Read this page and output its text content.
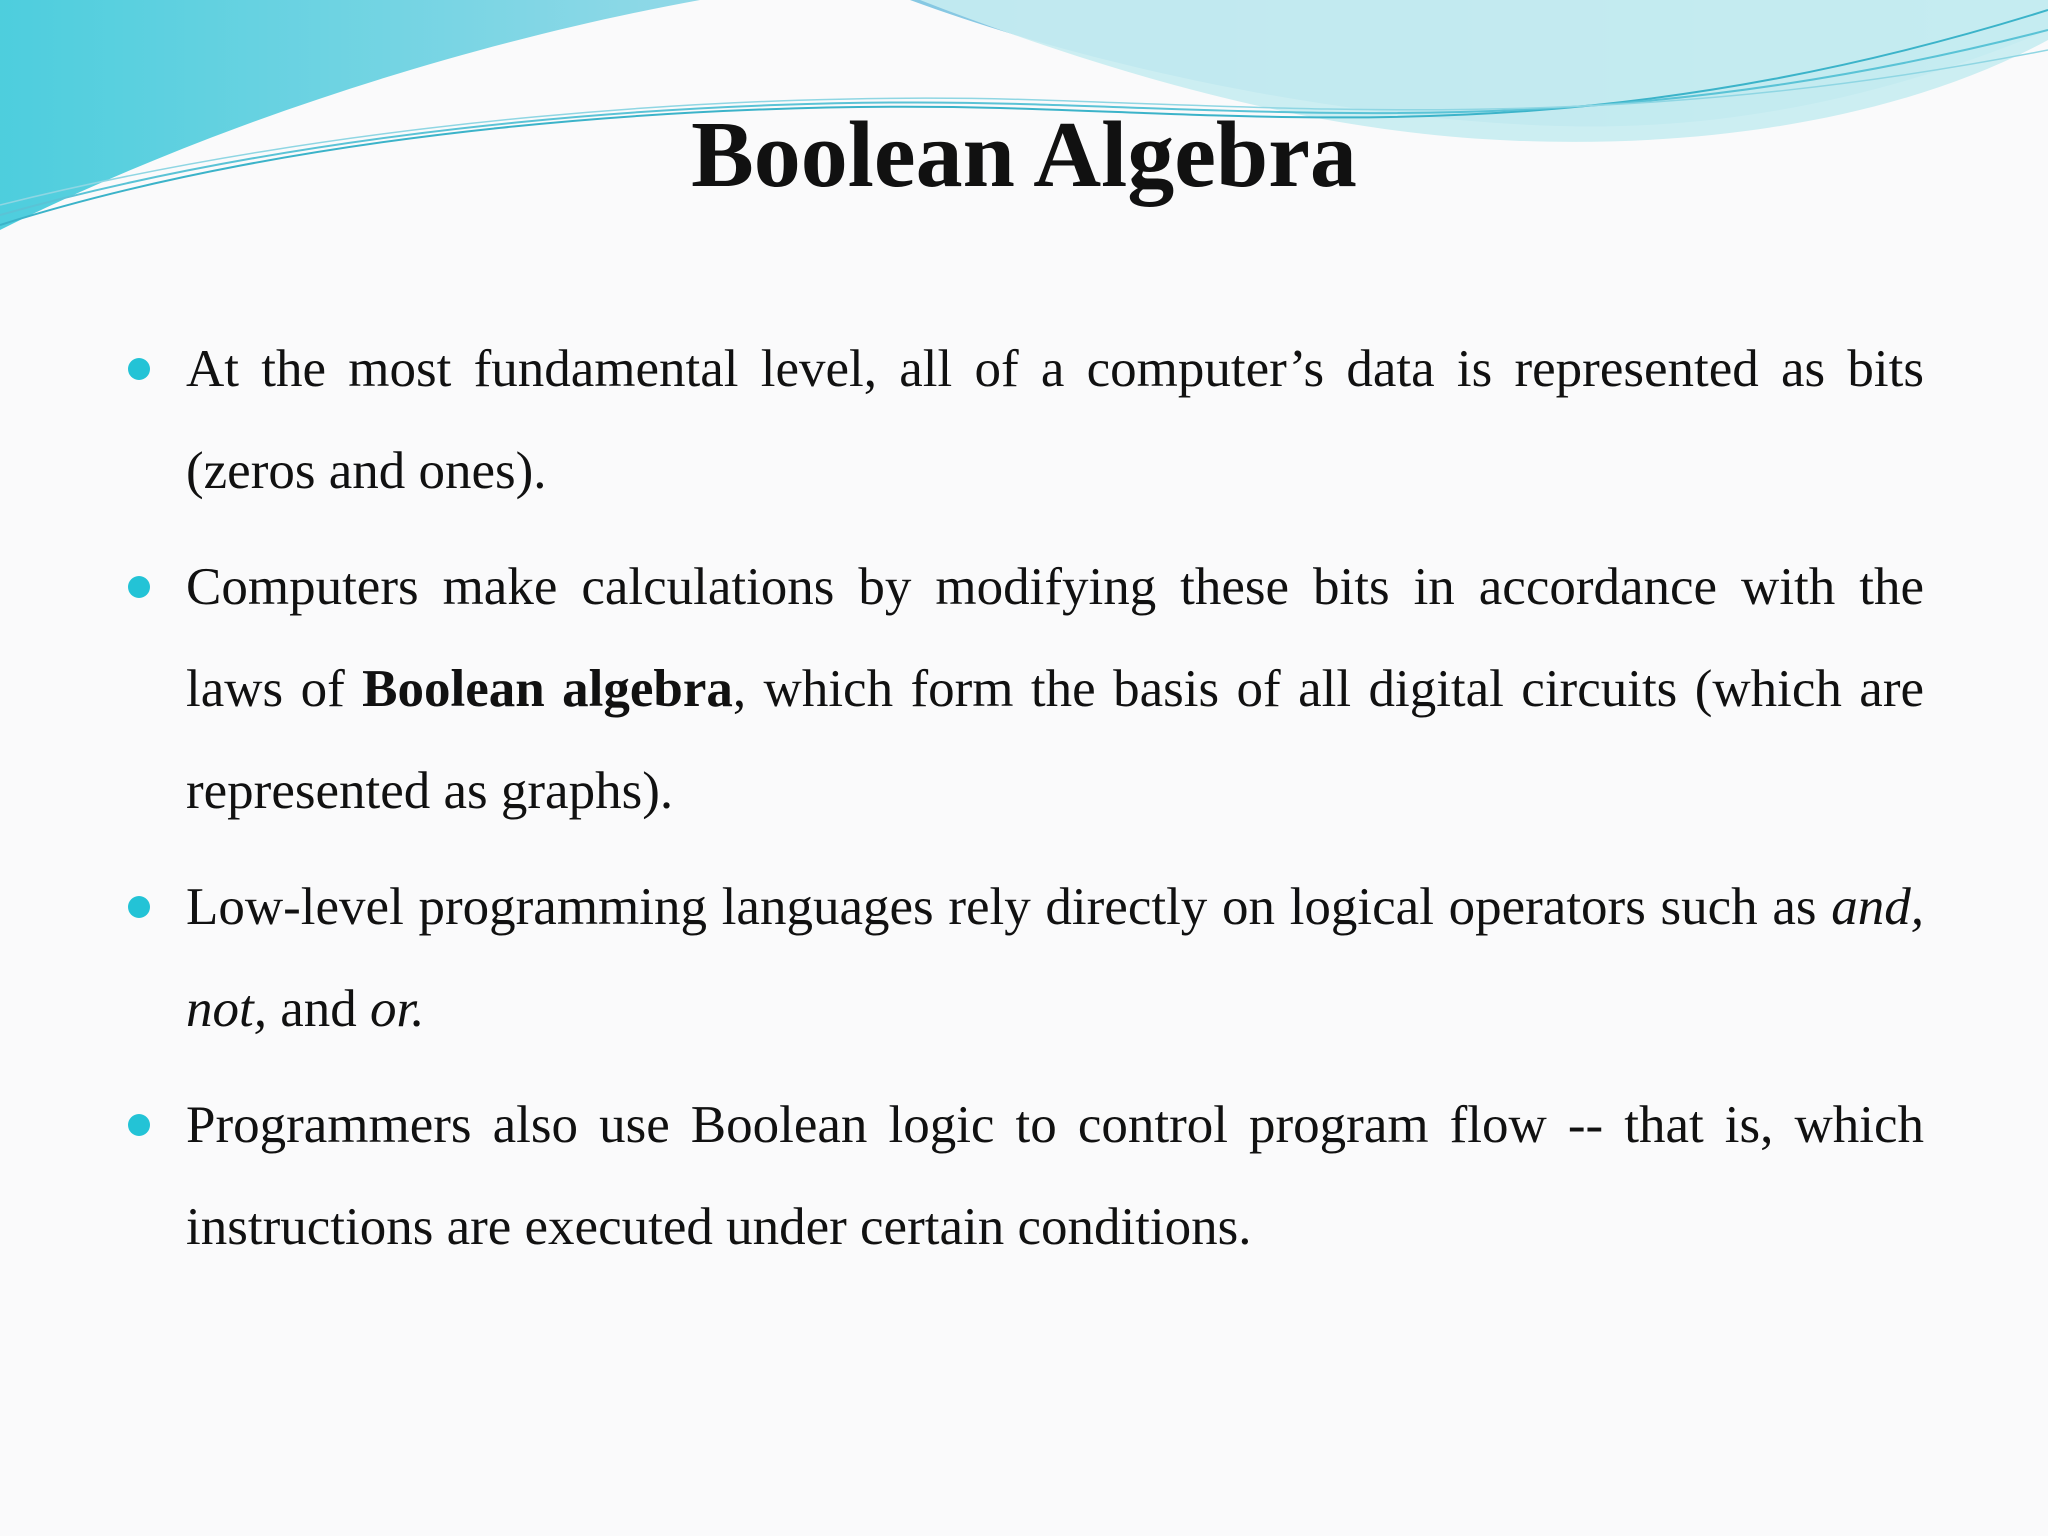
Boolean Algebra
At the most fundamental level, all of a computer’s data is represented as bits (zeros and ones).
Computers make calculations by modifying these bits in accordance with the laws of Boolean algebra, which form the basis of all digital circuits (which are represented as graphs).
Low-level programming languages rely directly on logical operators such as and, not, and or.
Programmers also use Boolean logic to control program flow -- that is, which instructions are executed under certain conditions.
